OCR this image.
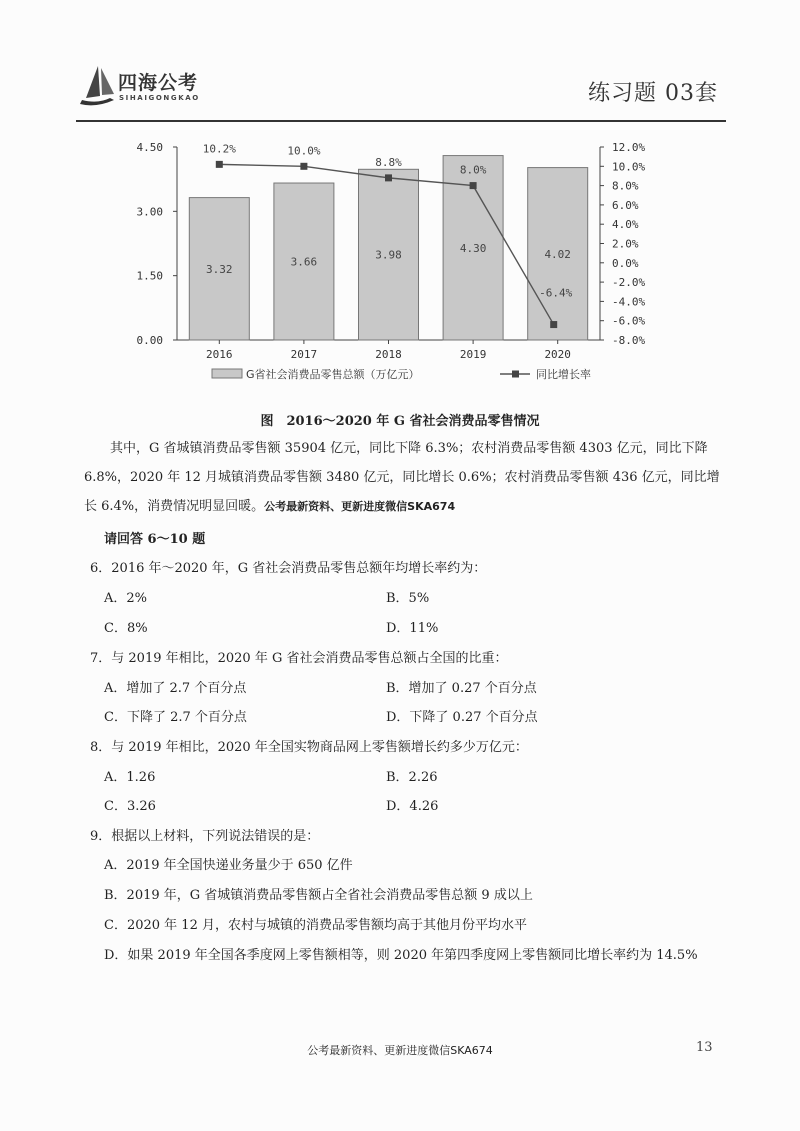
四海公考
SIHAIGONGKAO	练习题 03套
0.00
1.50
3.00
4.50
-8.0%
-6.0%
-4.0%
-2.0%
0.0%
2.0%
4.0%
6.0%
8.0%
10.0%
12.0%
3.32
3.66
3.98
4.30	4.02
2016	2017	2018	2019	2020
10.2%	10.0%
8.8%
8.0%
-6.4%
G省社会消费品零售总额（万亿元）	同比增长率
图　2016～2020 年 G 省社会消费品零售情况
其中，G 省城镇消费品零售额 35904 亿元，同比下降 6.3%；农村消费品零售额 4303 亿元，同比下降 6.8%，2020 年 12 月城镇消费品零售额 3480 亿元，同比增长 0.6%；农村消费品零售额 436 亿元，同比增长 6.4%，消费情况明显回暖。公考最新资料、更新进度微信SKA674
请回答 6～10 题
6．2016 年～2020 年，G 省社会消费品零售总额年均增长率约为：
A．2%	B．5%
C．8%	D．11%
7．与 2019 年相比，2020 年 G 省社会消费品零售总额占全国的比重：
A．增加了 2.7 个百分点	B．增加了 0.27 个百分点
C．下降了 2.7 个百分点	D．下降了 0.27 个百分点
8．与 2019 年相比，2020 年全国实物商品网上零售额增长约多少万亿元：
A．1.26	B．2.26
C．3.26	D．4.26
9．根据以上材料，下列说法错误的是：
A．2019 年全国快递业务量少于 650 亿件
B．2019 年，G 省城镇消费品零售额占全省社会消费品零售总额 9 成以上
C．2020 年 12 月，农村与城镇的消费品零售额均高于其他月份平均水平
D．如果 2019 年全国各季度网上零售额相等，则 2020 年第四季度网上零售额同比增长率约为 14.5%
公考最新资料、更新进度微信SKA674	13
